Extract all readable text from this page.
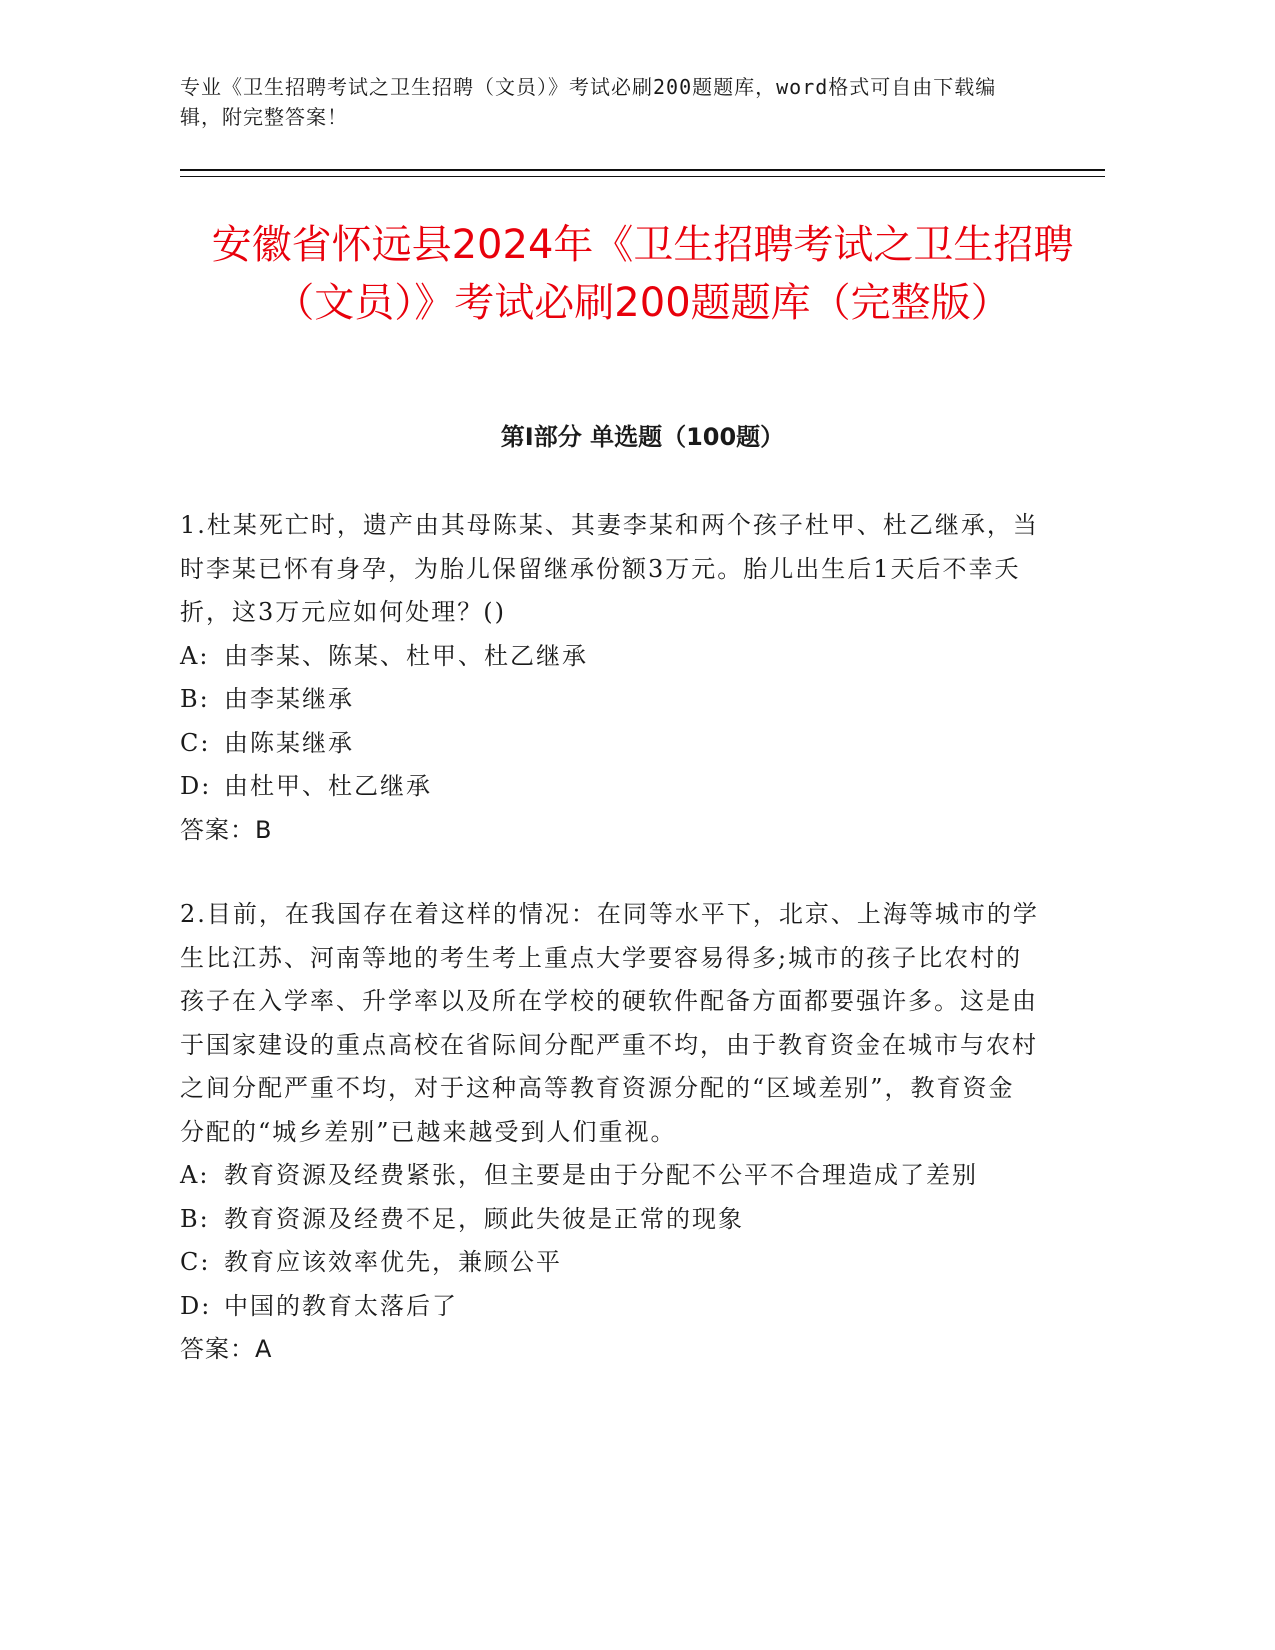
专业《卫生招聘考试之卫生招聘（文员）》考试必刷200题题库，word格式可自由下载编辑，附完整答案！
安徽省怀远县2024年《卫生招聘考试之卫生招聘（文员）》考试必刷200题题库（完整版）
第Ⅰ部分 单选题（100题）
1.杜某死亡时，遗产由其母陈某、其妻李某和两个孩子杜甲、杜乙继承，当时李某已怀有身孕，为胎儿保留继承份额3万元。胎儿出生后1天后不幸夭折，这3万元应如何处理？()
A: 由李某、陈某、杜甲、杜乙继承
B: 由李某继承
C: 由陈某继承
D: 由杜甲、杜乙继承
答案：B
2.目前，在我国存在着这样的情况：在同等水平下，北京、上海等城市的学生比江苏、河南等地的考生考上重点大学要容易得多;城市的孩子比农村的孩子在入学率、升学率以及所在学校的硬软件配备方面都要强许多。这是由于国家建设的重点高校在省际间分配严重不均，由于教育资金在城市与农村之间分配严重不均，对于这种高等教育资源分配的“区域差别”，教育资金分配的“城乡差别”已越来越受到人们重视。
A: 教育资源及经费紧张，但主要是由于分配不公平不合理造成了差别
B: 教育资源及经费不足，顾此失彼是正常的现象
C: 教育应该效率优先，兼顾公平
D: 中国的教育太落后了
答案：A
